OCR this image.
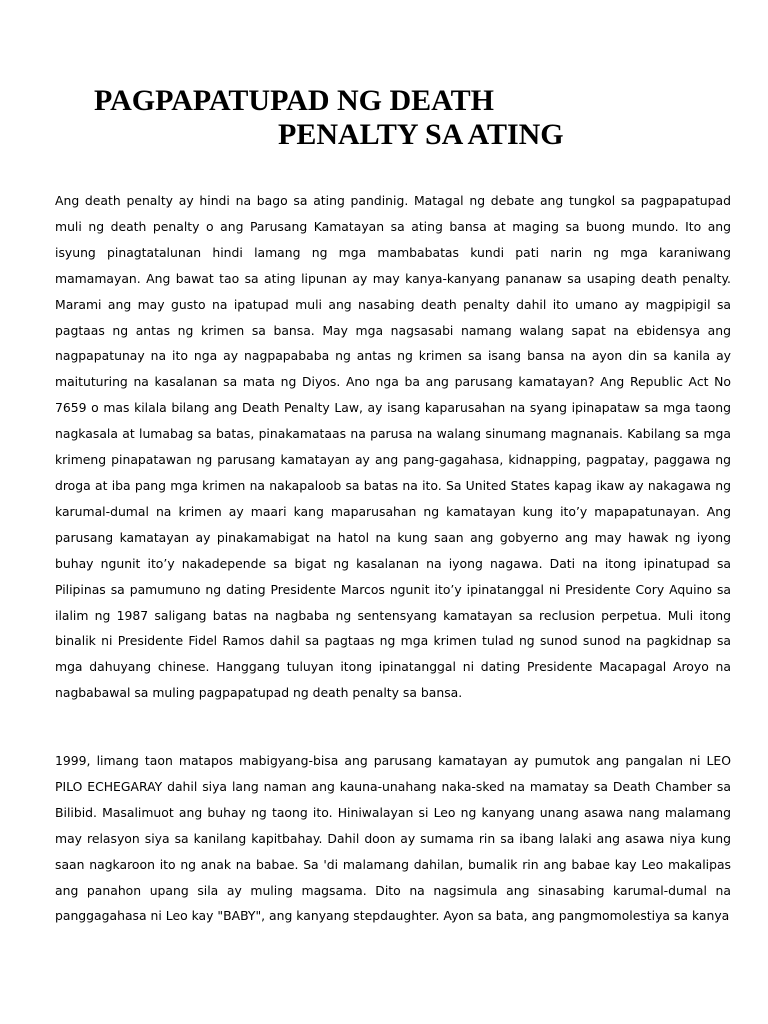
PAGPAPATUPAD NG DEATH
PENALTY SA ATING

Ang death penalty ay hindi na bago sa ating pandinig. Matagal ng debate ang tungkol sa pagpapatupad muli ng death penalty o ang Parusang Kamatayan sa ating bansa at maging sa buong mundo. Ito ang isyung pinagtatalunan hindi lamang ng mga mambabatas kundi pati narin ng mga karaniwang mamamayan. Ang bawat tao sa ating lipunan ay may kanya-kanyang pananaw sa usaping death penalty. Marami ang may gusto na ipatupad muli ang nasabing death penalty dahil ito umano ay magpipigil sa pagtaas ng antas ng krimen sa bansa. May mga nagsasabi namang walang sapat na ebidensya ang nagpapatunay na ito nga ay nagpapababa ng antas ng krimen sa isang bansa na ayon din sa kanila ay maituturing na kasalanan sa mata ng Diyos. Ano nga ba ang parusang kamatayan? Ang Republic Act No 7659 o mas kilala bilang ang Death Penalty Law, ay isang kaparusahan na syang ipinapataw sa mga taong nagkasala at lumabag sa batas, pinakamataas na parusa na walang sinumang magnanais. Kabilang sa mga krimeng pinapatawan ng parusang kamatayan ay ang pang-gagahasa, kidnapping, pagpatay, paggawa ng droga at iba pang mga krimen na nakapaloob sa batas na ito. Sa United States kapag ikaw ay nakagawa ng karumal-dumal na krimen ay maari kang maparusahan ng kamatayan kung ito’y mapapatunayan. Ang parusang kamatayan ay pinakamabigat na hatol na kung saan ang gobyerno ang may hawak ng iyong buhay ngunit ito’y nakadepende sa bigat ng kasalanan na iyong nagawa. Dati na itong ipinatupad sa Pilipinas sa pamumuno ng dating Presidente Marcos ngunit ito’y ipinatanggal ni Presidente Cory Aquino sa ilalim ng 1987 saligang batas na nagbaba ng sentensyang kamatayan sa reclusion perpetua. Muli itong binalik ni Presidente Fidel Ramos dahil sa pagtaas ng mga krimen tulad ng sunod sunod na pagkidnap sa mga dahuyang chinese. Hanggang tuluyan itong ipinatanggal ni dating Presidente Macapagal Aroyo na nagbabawal sa muling pagpapatupad ng death penalty sa bansa.

1999, limang taon matapos mabigyang-bisa ang parusang kamatayan ay pumutok ang pangalan ni LEO PILO ECHEGARAY dahil siya lang naman ang kauna-unahang naka-sked na mamatay sa Death Chamber sa Bilibid. Masalimuot ang buhay ng taong ito. Hiniwalayan si Leo ng kanyang unang asawa nang malamang may relasyon siya sa kanilang kapitbahay. Dahil doon ay sumama rin sa ibang lalaki ang asawa niya kung saan nagkaroon ito ng anak na babae. Sa 'di malamang dahilan, bumalik rin ang babae kay Leo makalipas ang panahon upang sila ay muling magsama. Dito na nagsimula ang sinasabing karumal-dumal na panggagahasa ni Leo kay "BABY", ang kanyang stepdaughter. Ayon sa bata, ang pangmomolestiya sa kanya
